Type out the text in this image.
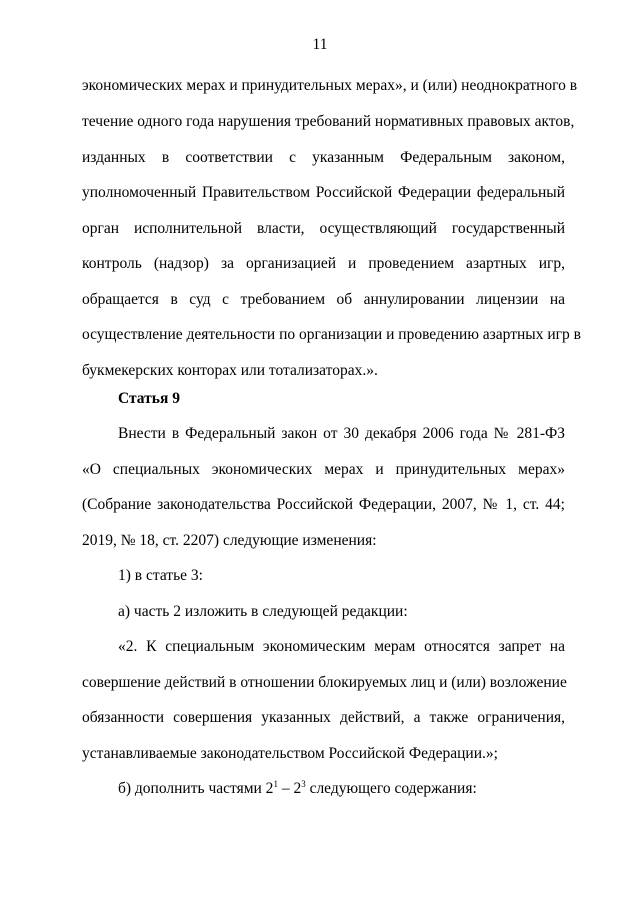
11
экономических мерах и принудительных мерах», и (или) неоднократного в
течение одного года нарушения требований нормативных правовых актов,
изданных в соответствии с указанным Федеральным законом,
уполномоченный Правительством Российской Федерации федеральный
орган исполнительной власти, осуществляющий государственный
контроль (надзор) за организацией и проведением азартных игр,
обращается в суд с требованием об аннулировании лицензии на
осуществление деятельности по организации и проведению азартных игр в
букмекерских конторах или тотализаторах.».
Статья 9
Внести в Федеральный закон от 30 декабря 2006 года № 281-ФЗ
«О специальных экономических мерах и принудительных мерах»
(Собрание законодательства Российской Федерации, 2007, № 1, ст. 44;
2019, № 18, ст. 2207) следующие изменения:
1) в статье 3:
а) часть 2 изложить в следующей редакции:
«2. К специальным экономическим мерам относятся запрет на
совершение действий в отношении блокируемых лиц и (или) возложение
обязанности совершения указанных действий, а также ограничения,
устанавливаемые законодательством Российской Федерации.»;
б) дополнить частями $2^1 - 2^3$ следующего содержания:
